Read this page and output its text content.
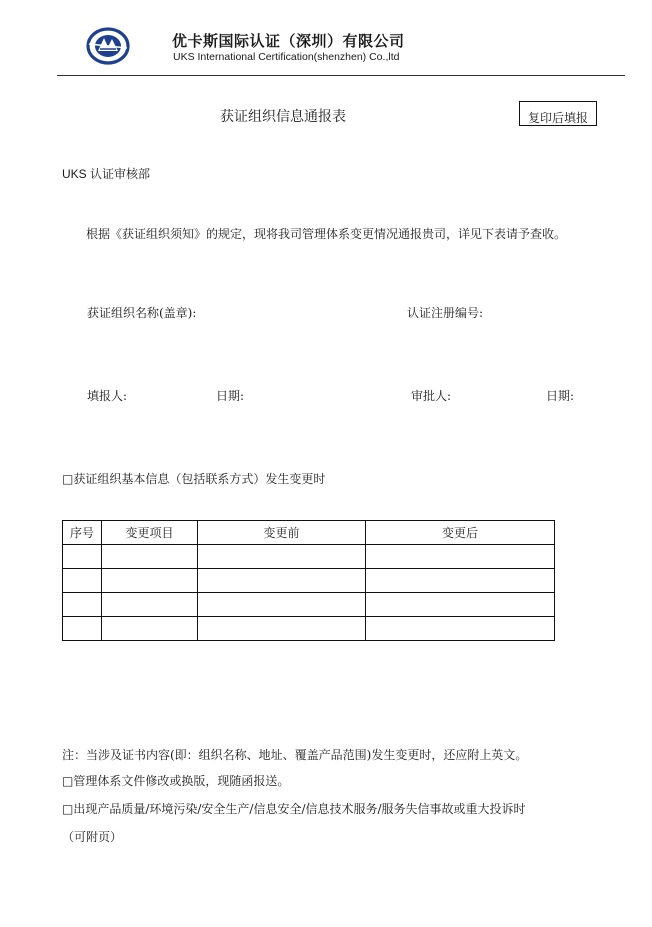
优卡斯国际认证（深圳）有限公司
UKS International Certification(shenzhen) Co.,ltd
获证组织信息通报表	复印后填报
UKS 认证审核部
根据《获证组织须知》的规定，现将我司管理体系变更情况通报贵司，详见下表请予查收。
获证组织名称(盖章):	认证注册编号:
填报人:	日期:	审批人:	日期:
□获证组织基本信息（包括联系方式）发生变更时
序号	变更项目	变更前	变更后

注：当涉及证书内容(即：组织名称、地址、覆盖产品范围)发生变更时，还应附上英文。
□管理体系文件修改或换版，现随函报送。
□出现产品质量/环境污染/安全生产/信息安全/信息技术服务/服务失信事故或重大投诉时
（可附页）
